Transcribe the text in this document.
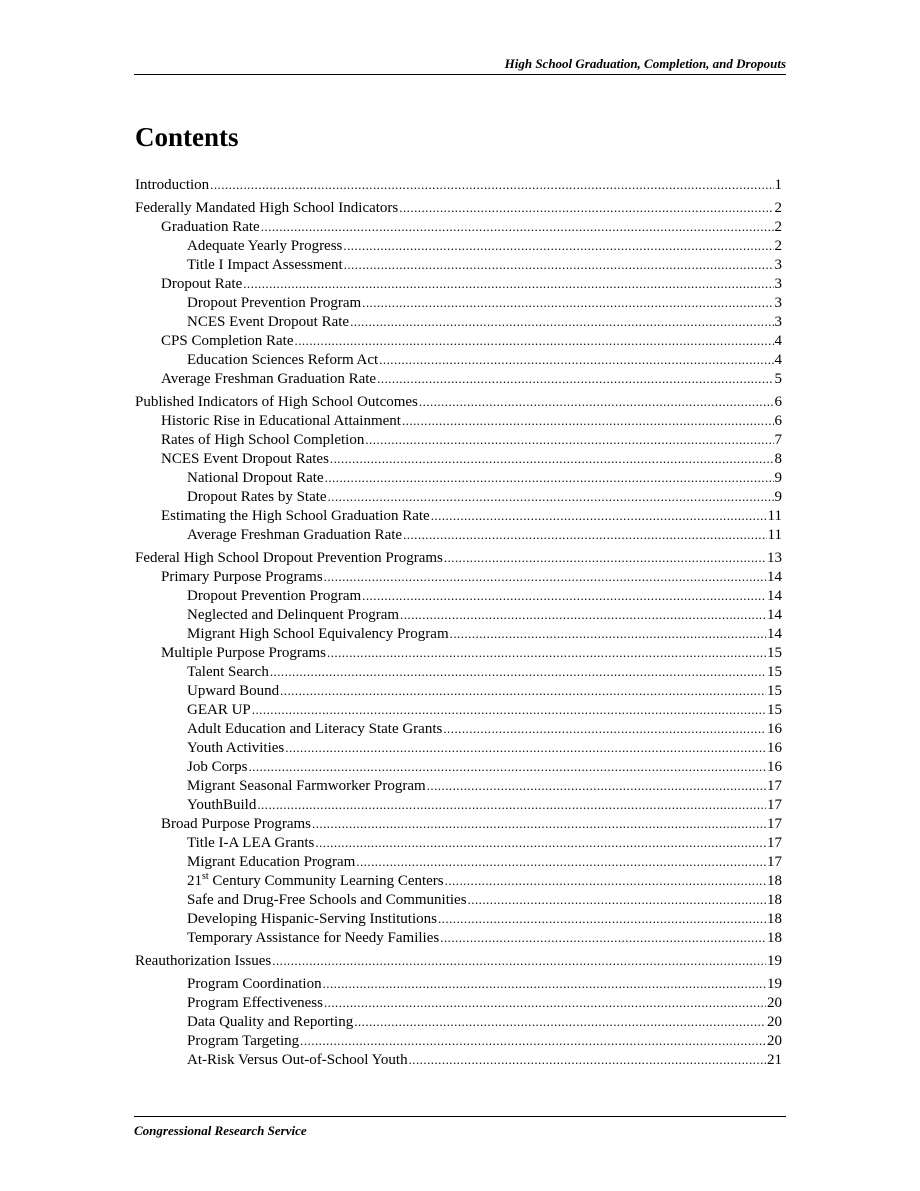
High School Graduation, Completion, and Dropouts
Contents
Introduction . . .	1
Federally Mandated High School Indicators . . .	2
Graduation Rate . . .	2
Adequate Yearly Progress . . .	2
Title I Impact Assessment . . .	3
Dropout Rate . . .	3
Dropout Prevention Program . . .	3
NCES Event Dropout Rate . . .	3
CPS Completion Rate . . .	4
Education Sciences Reform Act . . .	4
Average Freshman Graduation Rate . . .	5
Published Indicators of High School Outcomes . . .	6
Historic Rise in Educational Attainment . . .	6
Rates of High School Completion . . .	7
NCES Event Dropout Rates . . .	8
National Dropout Rate . . .	9
Dropout Rates by State . . .	9
Estimating the High School Graduation Rate . . .	11
Average Freshman Graduation Rate . . .	11
Federal High School Dropout Prevention Programs . . .	13
Primary Purpose Programs . . .	14
Dropout Prevention Program . . .	14
Neglected and Delinquent Program . . .	14
Migrant High School Equivalency Program . . .	14
Multiple Purpose Programs . . .	15
Talent Search . . .	15
Upward Bound . . .	15
GEAR UP . . .	15
Adult Education and Literacy State Grants . . .	16
Youth Activities . . .	16
Job Corps . . .	16
Migrant Seasonal Farmworker Program . . .	17
YouthBuild . . .	17
Broad Purpose Programs . . .	17
Title I-A LEA Grants . . .	17
Migrant Education Program . . .	17
21st Century Community Learning Centers . . .	18
Safe and Drug-Free Schools and Communities . . .	18
Developing Hispanic-Serving Institutions . . .	18
Temporary Assistance for Needy Families . . .	18
Reauthorization Issues . . .	19
Program Coordination . . .	19
Program Effectiveness . . .	20
Data Quality and Reporting . . .	20
Program Targeting . . .	20
At-Risk Versus Out-of-School Youth . . .	21
Congressional Research Service
